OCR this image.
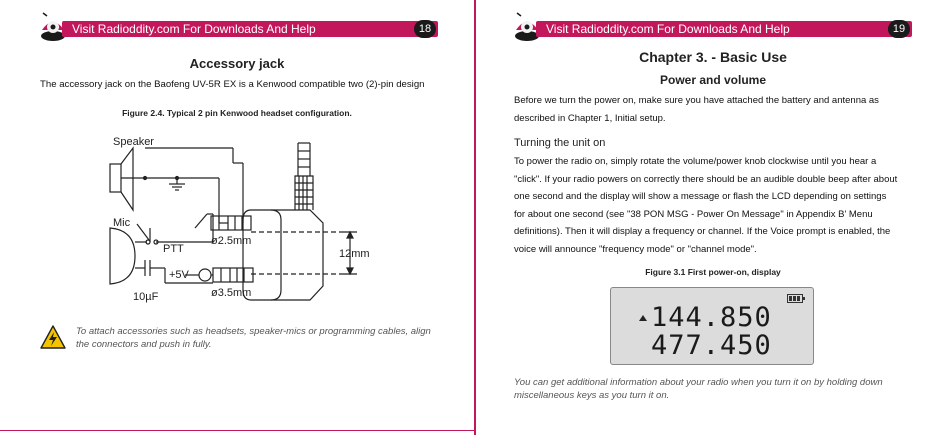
Visit Radioddity.com For Downloads And Help	18
Accessory jack
The accessory jack on the Baofeng UV-5R EX is a Kenwood compatible two (2)-pin design
Figure 2.4. Typical 2 pin Kenwood headset configuration.
Speaker
Mic
PTT
+5V
10µF
ø2.5mm
ø3.5mm
12mm
To attach accessories such as headsets, speaker-mics or programming cables, align the connectors and push in fully.
Visit Radioddity.com For Downloads And Help	19
Chapter 3. - Basic Use
Power and volume
Before we turn the power on, make sure you have attached the battery and antenna as
described in Chapter 1, Initial setup.
Turning the unit on
To power the radio on, simply rotate the volume/power knob clockwise until you hear a
"click". If your radio powers on correctly there should be an audible double beep after about
one second and the display will show a message or flash the LCD depending on settings
for about one second (see "38 PON MSG - Power On Message" in Appendix B' Menu
definitions). Then it will display a frequency or channel. If the Voice prompt is enabled, the
voice will announce "frequency mode" or "channel mode".
Figure 3.1 First power-on, display
144.850
477.450
You can get additional information about your radio when you turn it on by holding down
miscellaneous keys as you turn it on.
